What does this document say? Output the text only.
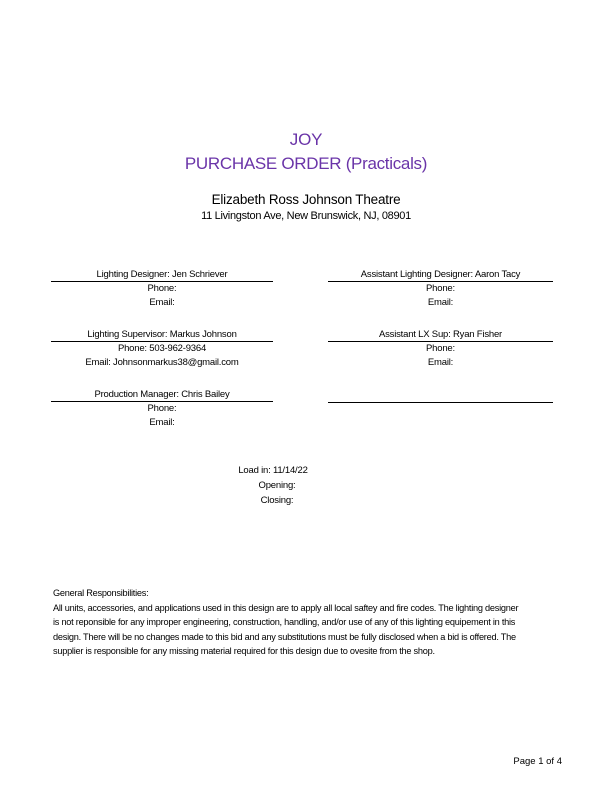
JOY
PURCHASE ORDER (Practicals)
Elizabeth Ross Johnson Theatre
11 Livingston Ave, New Brunswick, NJ, 08901
Lighting Designer: Jen Schriever
Phone:
Email:
Lighting Supervisor: Markus Johnson
Phone: 503-962-9364
Email: Johnsonmarkus38@gmail.com
Production Manager: Chris Bailey
Phone:
Email:
Assistant Lighting Designer: Aaron Tacy
Phone:
Email:
Assistant LX Sup: Ryan Fisher
Phone:
Email:
Load in: 11/14/22
Opening:
Closing:
General Responsibilities:
All units, accessories, and applications used in this design are to apply all local saftey and fire codes. The lighting designer
is not reponsible for any improper engineering, construction, handling, and/or use of any of this lighting equipement in this
design. There will be no changes made to this bid and any substitutions must be fully disclosed when a bid is offered. The
supplier is responsible for any missing material required for this design due to ovesite from the shop.
Page 1 of 4
